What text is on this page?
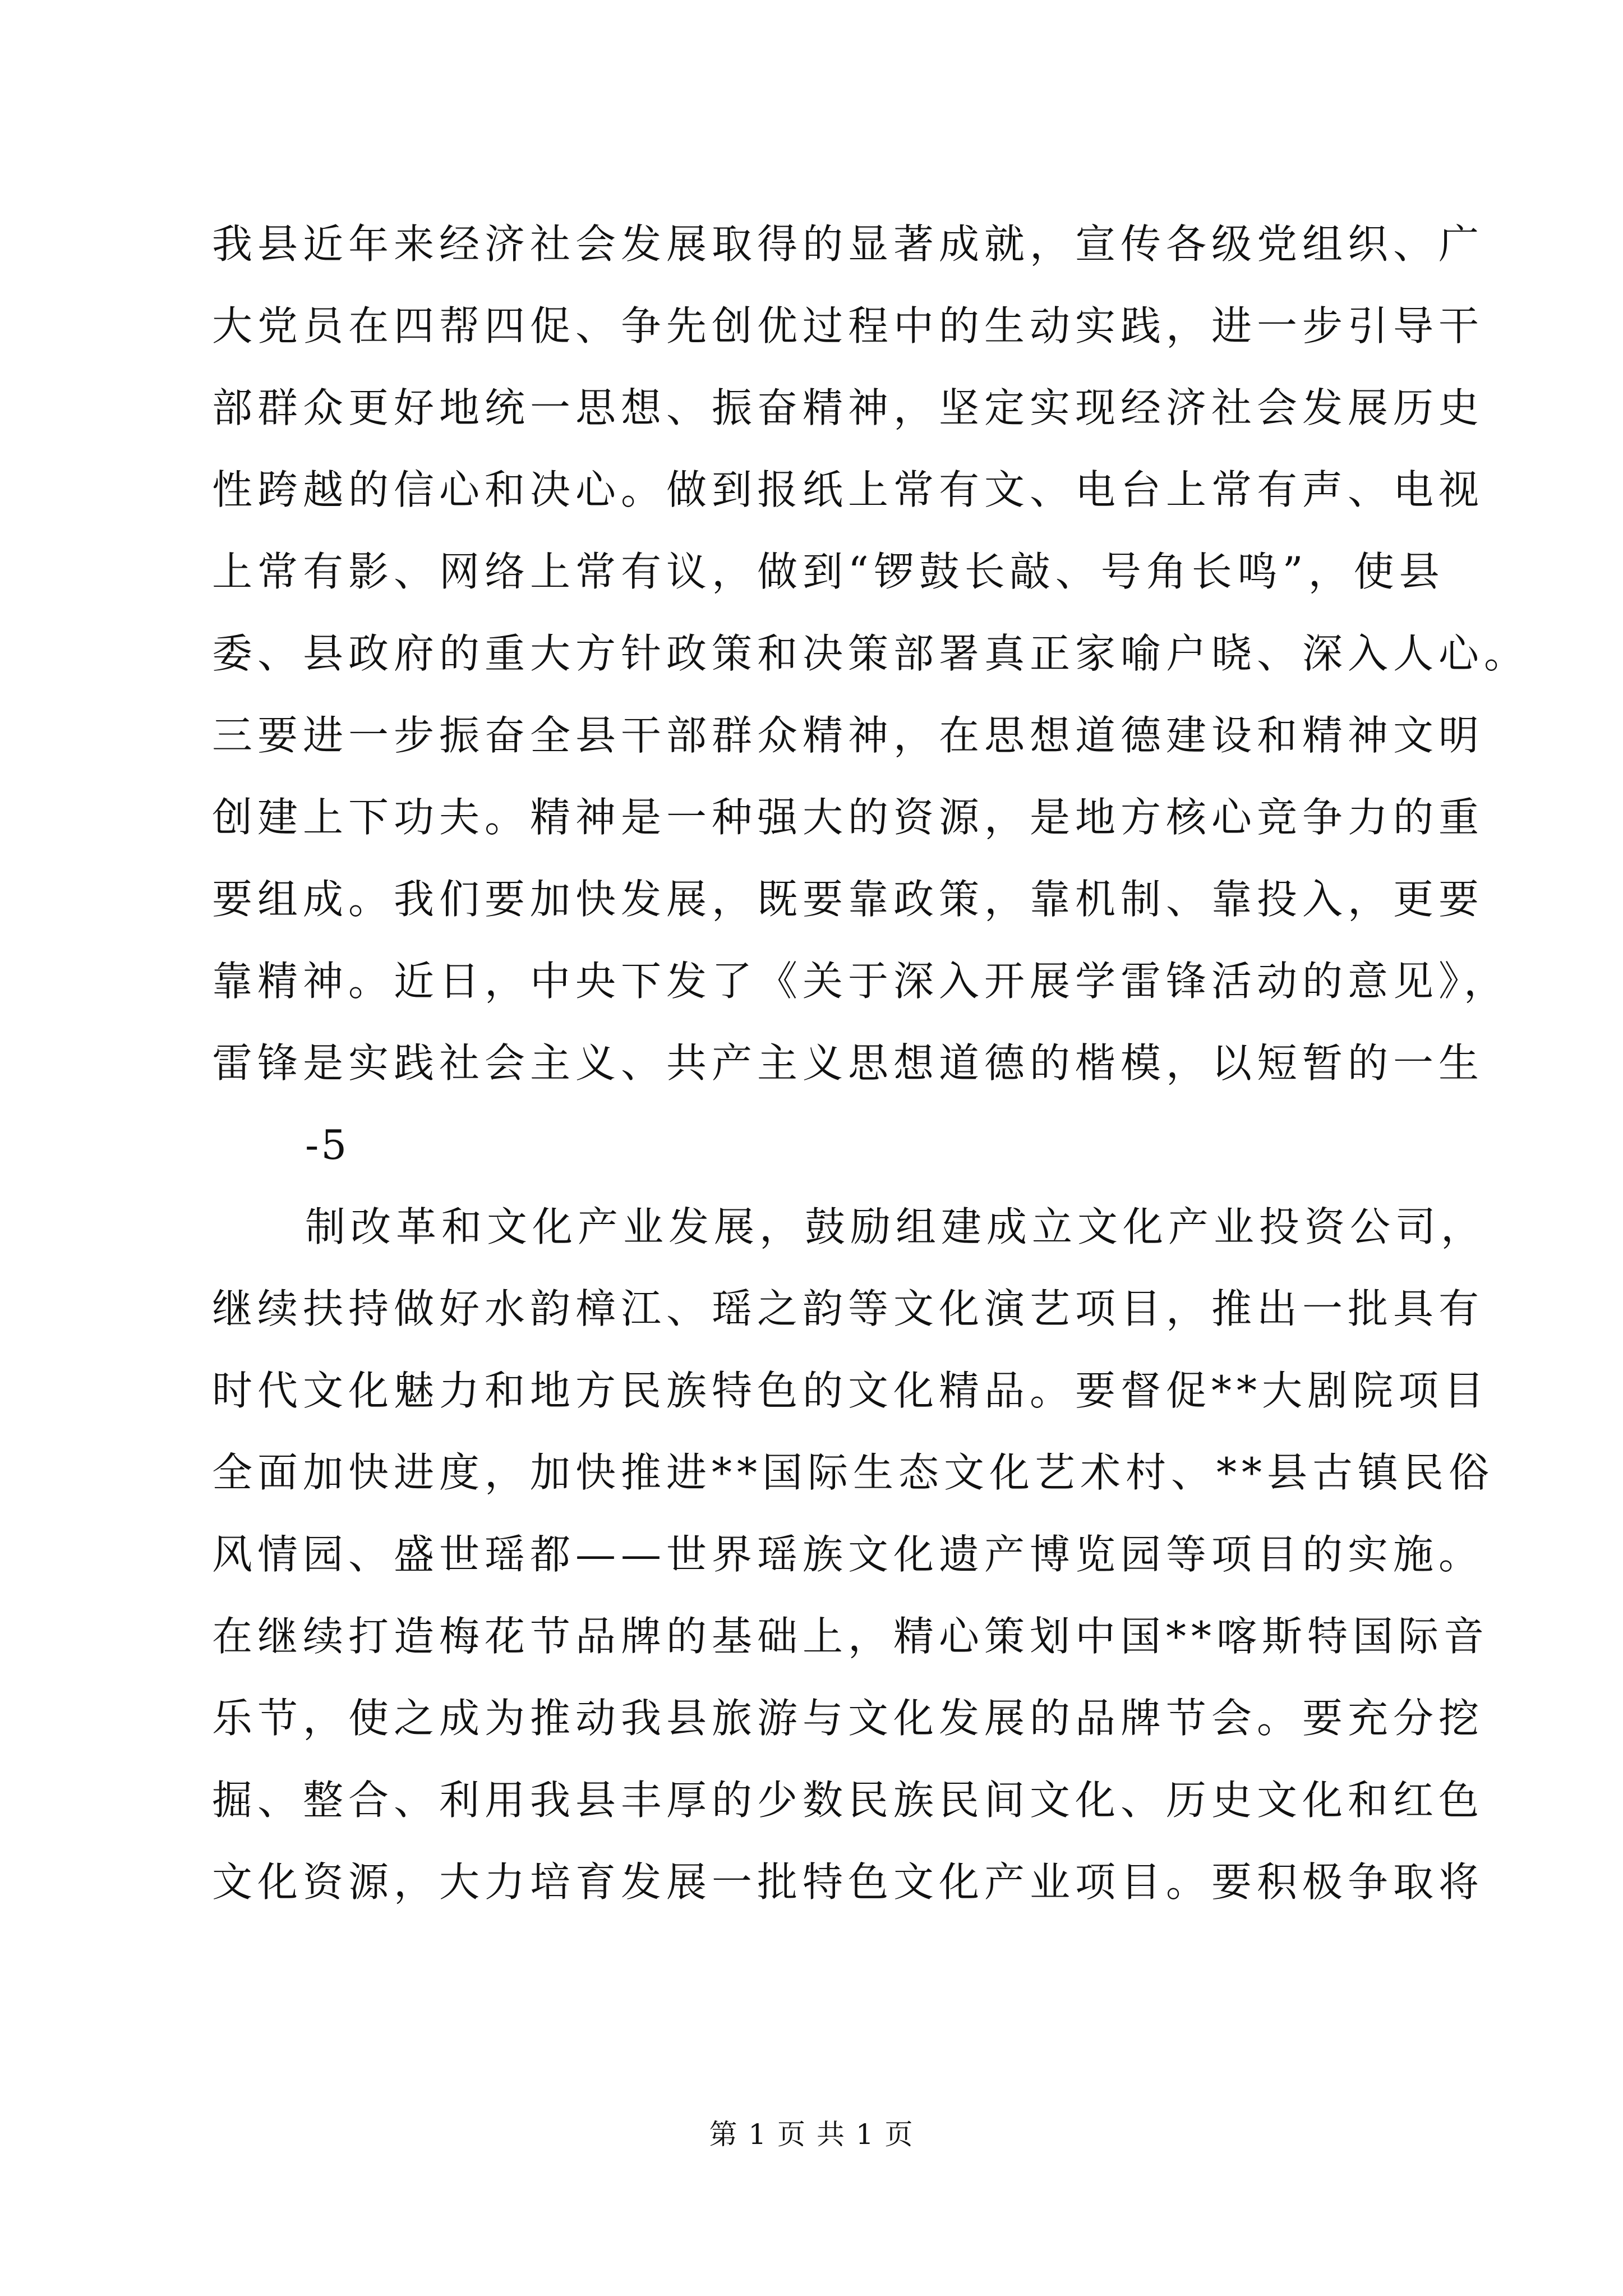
我县近年来经济社会发展取得的显著成就，宣传各级党组织、广
大党员在四帮四促、争先创优过程中的生动实践，进一步引导干
部群众更好地统一思想、振奋精神，坚定实现经济社会发展历史
性跨越的信心和决心。做到报纸上常有文、电台上常有声、电视
上常有影、网络上常有议，做到“锣鼓长敲、号角长鸣”，使县
委、县政府的重大方针政策和决策部署真正家喻户晓、深入人心。
三要进一步振奋全县干部群众精神，在思想道德建设和精神文明
创建上下功夫。精神是一种强大的资源，是地方核心竞争力的重
要组成。我们要加快发展，既要靠政策，靠机制、靠投入，更要
靠精神。近日，中央下发了《关于深入开展学雷锋活动的意见》，
雷锋是实践社会主义、共产主义思想道德的楷模，以短暂的一生
-5
制改革和文化产业发展，鼓励组建成立文化产业投资公司，
继续扶持做好水韵樟江、瑶之韵等文化演艺项目，推出一批具有
时代文化魅力和地方民族特色的文化精品。要督促**大剧院项目
全面加快进度，加快推进**国际生态文化艺术村、**县古镇民俗
风情园、盛世瑶都——世界瑶族文化遗产博览园等项目的实施。
在继续打造梅花节品牌的基础上，精心策划中国**喀斯特国际音
乐节，使之成为推动我县旅游与文化发展的品牌节会。要充分挖
掘、整合、利用我县丰厚的少数民族民间文化、历史文化和红色
文化资源，大力培育发展一批特色文化产业项目。要积极争取将
第 1 页 共 1 页
